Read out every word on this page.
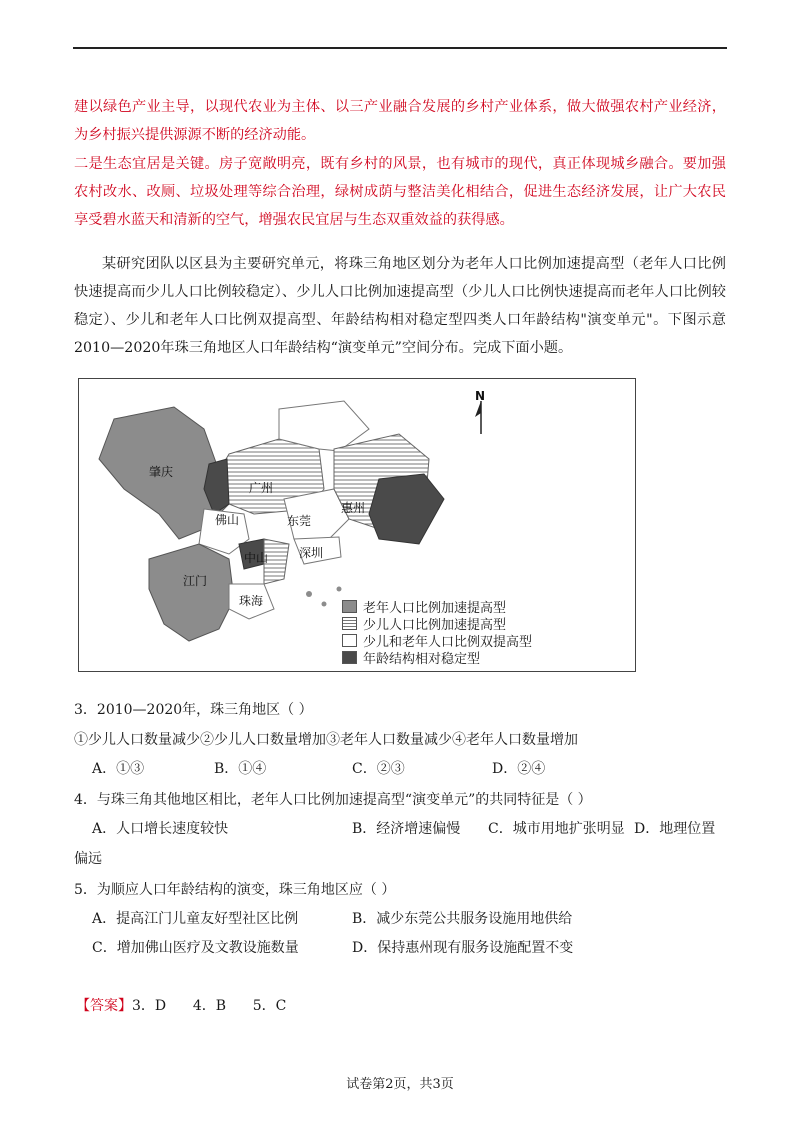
建以绿色产业主导，以现代农业为主体、以三产业融合发展的乡村产业体系，做大做强农村产业经济，为乡村振兴提供源源不断的经济动能。

二是生态宜居是关键。房子宽敞明亮，既有乡村的风景，也有城市的现代，真正体现城乡融合。要加强农村改水、改厕、垃圾处理等综合治理，绿树成荫与整洁美化相结合，促进生态经济发展，让广大农民享受碧水蓝天和清新的空气，增强农民宜居与生态双重效益的获得感。

某研究团队以区县为主要研究单元，将珠三角地区划分为老年人口比例加速提高型（老年人口比例快速提高而少儿人口比例较稳定）、少儿人口比例加速提高型（少儿人口比例快速提高而老年人口比例较稳定）、少儿和老年人口比例双提高型、年龄结构相对稳定型四类人口年龄结构"演变单元"。下图示意2010—2020年珠三角地区人口年龄结构“演变单元”空间分布。完成下面小题。

N
肇庆
广州
惠州
佛山	东莞
中山	深圳
江门
珠海	老年人口比例加速提高型
少儿人口比例加速提高型
少儿和老年人口比例双提高型
年龄结构相对稳定型

3．2010—2020年，珠三角地区（ ）

①少儿人口数量减少②少儿人口数量增加③老年人口数量减少④老年人口数量增加

A．①③	B．①④	C．②③	D．②④

4．与珠三角其他地区相比，老年人口比例加速提高型“演变单元”的共同特征是（ ）

A．人口增长速度较快	B．经济增速偏慢 C．城市用地扩张明显 D．地理位置
偏远

5．为顺应人口年龄结构的演变，珠三角地区应（ ）

A．提高江门儿童友好型社区比例	B．减少东莞公共服务设施用地供给
C．增加佛山医疗及文教设施数量	D．保持惠州现有服务设施配置不变
【答案】3．D      4．B      5．C
试卷第2页，共3页
